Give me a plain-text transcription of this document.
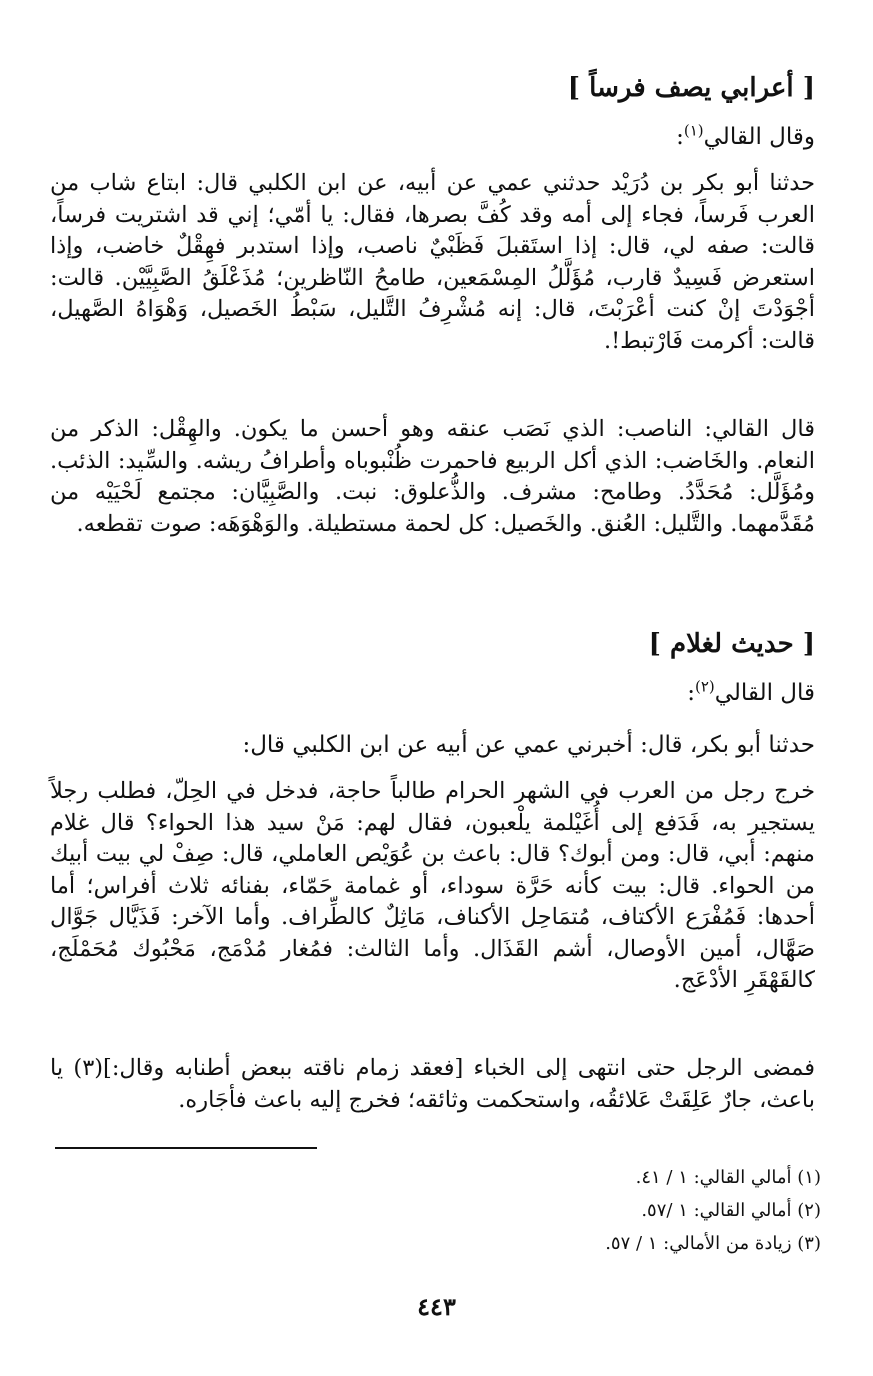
[ أعرابي يصف فرساً ]
وقال القالي$^{(١)}$:

حدثنا أبو بكر بن دُرَيْد حدثني عمي عن أبيه، عن ابن الكلبي قال: ابتاع شاب من العرب فَرساً، فجاء إلى أمه وقد كُفَّ بصرها، فقال: يا أمّي؛ إني قد اشتريت فرساً، قالت: صفه لي، قال: إذا استَقبلَ فَظَبْيٌ ناصب، وإذا استدبر فهِقْلٌ خاضب، وإذا استعرض فَسِيدٌ قارب، مُؤَلَّلُ المِسْمَعين، طامحُ النّاظرين؛ مُذَعْلَقُ الصَّبِيَّيْن. قالت: أجْوَدْتَ إنْ كنت أعْرَبْتَ، قال: إنه مُشْرِفُ التَّليل، سَبْطُ الخَصيل، وَهْوَاهُ الصَّهيل، قالت: أكرمت فَارْتبط!.

قال القالي: الناصب: الذي نَصَب عنقه وهو أحسن ما يكون. والهِقْل: الذكر من النعام. والخَاضب: الذي أكل الربيع فاحمرت ظُنْبوباه وأطرافُ ريشه. والسِّيد: الذئب. ومُؤَلَّل: مُحَدَّدُ. وطامح: مشرف. والذُّعلوق: نبت. والصَّبِيَّان: مجتمع لَحْيَيْه من مُقَدَّمهما. والتَّليل: العُنق. والخَصيل: كل لحمة مستطيلة. والوَهْوَهَه: صوت تقطعه.

[ حديث لغلام ]
قال القالي$^{(٢)}$:
حدثنا أبو بكر، قال: أخبرني عمي عن أبيه عن ابن الكلبي قال:

خرج رجل من العرب في الشهر الحرام طالباً حاجة، فدخل في الحِلّ، فطلب رجلاً يستجير به، فَدَفع إلى أُغَيْلمة يلْعبون، فقال لهم: مَنْ سيد هذا الحواء؟ قال غلام منهم: أبي، قال: ومن أبوك؟ قال: باعث بن عُوَيْص العاملي، قال: صِفْ لي بيت أبيك من الحواء. قال: بيت كأنه حَرَّة سوداء، أو غمامة حَمّاء، بفنائه ثلاث أفراس؛ أما أحدها: فَمُفْرَع الأكتاف، مُتمَاحِل الأكناف، مَاثِلٌ كالطِّراف. وأما الآخر: فَذَيَّال جَوَّال صَهَّال، أمين الأوصال، أشم القَذَال. وأما الثالث: فمُغار مُدْمَج، مَحْبُوك مُحَمْلَج، كالقَهْقَرِ الأدْعَج.

فمضى الرجل حتى انتهى إلى الخباء [فعقد زمام ناقته ببعض أطنابه وقال:](٣) يا باعث، جارٌ عَلِقَتْ عَلائقُه، واستحكمت وثائقه؛ فخرج إليه باعث فأجَاره.

(١) أمالي القالي: ١ / ٤١.
(٢) أمالي القالي: ١ /٥٧.
(٣) زيادة من الأمالي: ١ / ٥٧.
٤٤٣
